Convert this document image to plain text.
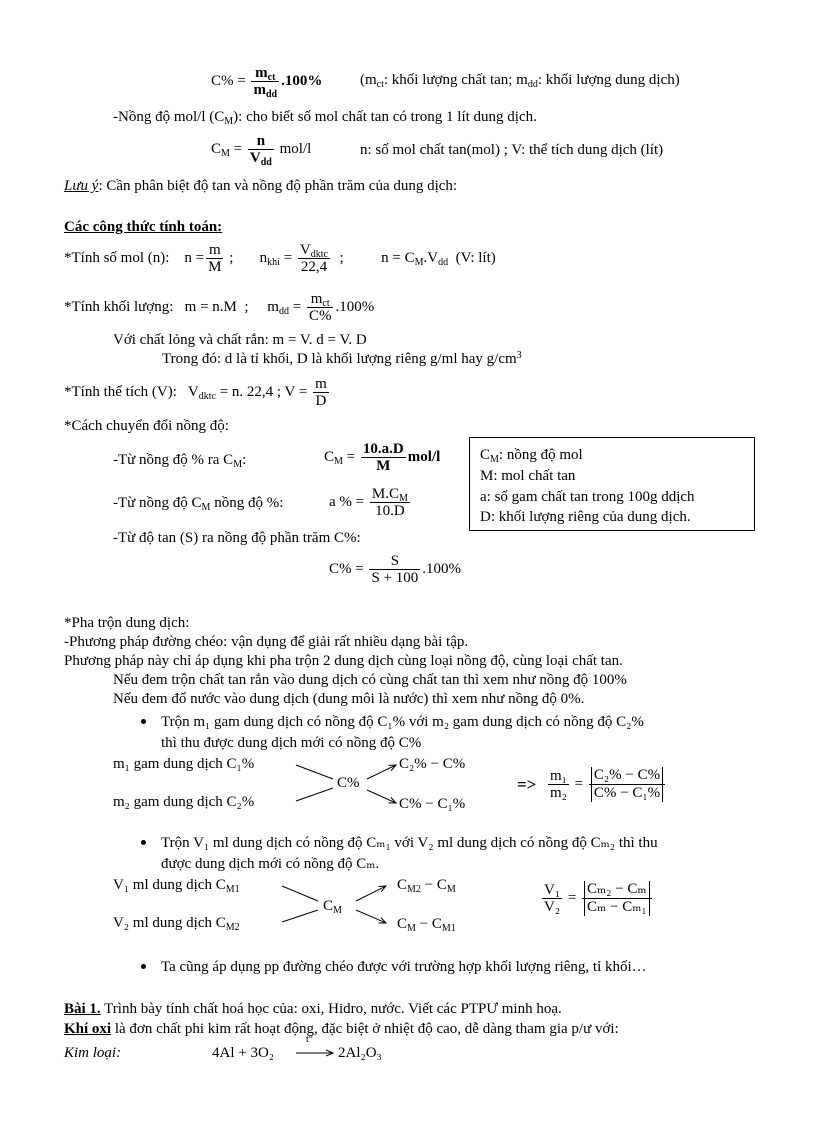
$C\% = \frac{m_{ct}}{m_{dd}} .100\%$	($m_{ct}$: khối lượng chất tan; $m_{dd}$: khối lượng dung dịch)
-Nồng độ mol/l $(C_M)$: cho biết số mol chất tan có trong 1 lít dung dịch.
$C_M = \frac{n}{V_{dd}} mol/l$	n: số mol chất tan(mol) ; V: thể tích dung dịch (lít)
Lưu ý: Cần phân biệt độ tan và nồng độ phần trăm của dung dịch:
Các công thức tính toán:
*Tính số mol (n): $n = \frac{m}{M}$ ; $n_{khí} = \frac{V_{dktc}}{22,4}$ ;	$n = C_M.V_{dd}$ (V: lít)
*Tính khối lượng: m = n.M ; $m_{dd} = \frac{m_{ct}}{C\%} .100\%$
Với chất lỏng và chất rắn: m = V. d = V. D
Trong đó: d là tỉ khối, D là khối lượng riêng g/ml hay $g/cm^3$
*Tính thể tích (V): $V_{dktc} = n$. 22,4 ; $V = \frac{m}{D}$
*Cách chuyển đổi nồng độ:
-Từ nồng độ % ra $C_M$:	$C_M = \frac{10.a.D}{M} mol/l$
-Từ nồng độ $C_M$ nồng độ %:	a % = $\frac{M.C_M}{10.D}$
-Từ độ tan (S) ra nồng độ phần trăm C%:
$C\% = \frac{S}{S + 100} .100\%$
$C_M$: nồng độ mol
M: mol chất tan
a: số gam chất tan trong 100g ddịch
D: khối lượng riêng của dung dịch.
*Pha trộn dung dịch:
-Phương pháp đường chéo: vận dụng để giải rất nhiều dạng bài tập.
Phương pháp này chỉ áp dụng khi pha trộn 2 dung dịch cùng loại nồng độ, cùng loại chất tan.
Nếu đem trộn chất tan rắn vào dung dịch có cùng chất tan thì xem như nồng độ 100%
Nếu đem đổ nước vào dung dịch (dung môi là nước) thì xem như nồng độ 0%.
Trộn m₁ gam dung dịch có nồng độ C₁% với m₂ gam dung dịch có nồng độ C₂%
thì thu được dung dịch mới có nồng độ C%
m₁ gam dung dịch C₁%
m₂ gam dung dịch C₂%
C%
C₂% − C%
C% − C₁%
=> $\frac{\text{m₁}}{\text{m₂}} = \frac{\text{C₂\% − C\%}}{\text{C\% − C₁\%}}$
Trộn V₁ ml dung dịch có nồng độ Cₘ₁ với V₂ ml dung dịch có nồng độ Cₘ₂ thì thu
được dung dịch mới có nồng độ Cₘ.
V₁ ml dung dịch $C_{M1}$
V₂ ml dung dịch $C_{M2}$
$C_M$
$C_{M2} - C_M$
$C_M - C_{M1}$
$\frac{\text{V₁}}{\text{V₂}} = \frac{\text{Cₘ₂ − Cₘ}}{\text{Cₘ − Cₘ₁}}$
Ta cũng áp dụng pp đường chéo được với trường hợp khối lượng riêng, tỉ khối…
Bài 1. Trình bày tính chất hoá học của: oxi, Hidro, nước. Viết các PTPƯ minh hoạ.
Khí oxi là đơn chất phi kim rất hoạt động, đặc biệt ở nhiệt độ cao, dễ dàng tham gia p/ư với:
Kim loại:	4Al + 3O₂
t°
2Al₂O₃
